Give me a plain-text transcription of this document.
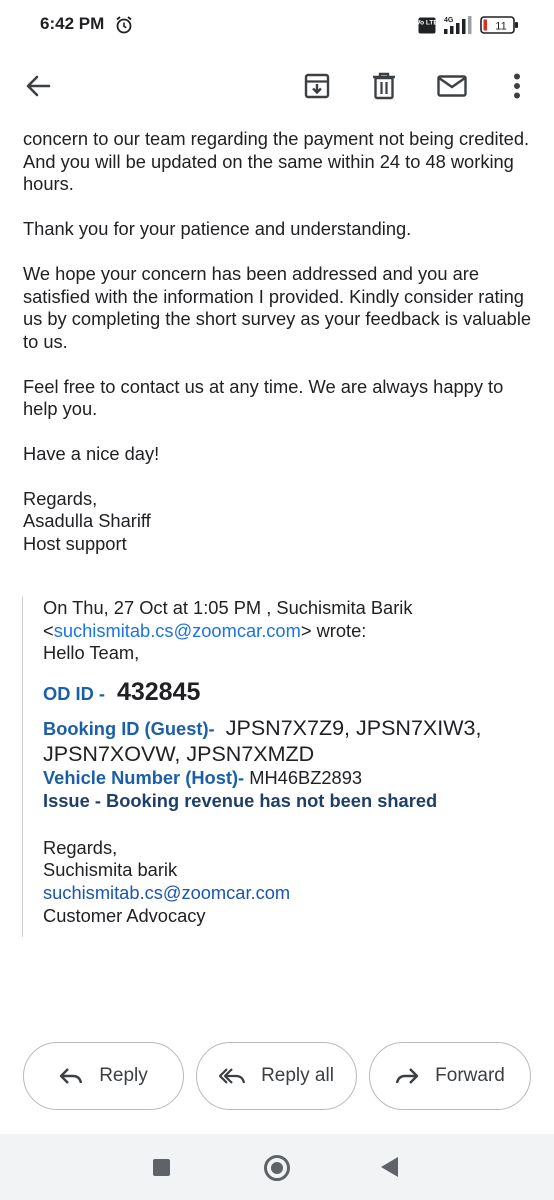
6:42 PM	Vo LTE 4G	11

concern to our team regarding the payment not being credited. And you will be updated on the same within 24 to 48 working hours.

Thank you for your patience and understanding.

We hope your concern has been addressed and you are satisfied with the information I provided. Kindly consider rating us by completing the short survey as your feedback is valuable to us.

Feel free to contact us at any time. We are always happy to help you.

Have a nice day!

Regards,

Asadulla Shariff

Host support

On Thu, 27 Oct at 1:05 PM , Suchismita Barik
<suchismitab.cs@zoomcar.com> wrote:
Hello Team,
OD ID - 432845
Booking ID (Guest)- JPSN7X7Z9, JPSN7XIW3,
JPSN7XOVW, JPSN7XMZD
Vehicle Number (Host)- MH46BZ2893
Issue - Booking revenue has not been shared
Regards,
Suchismita barik
suchismitab.cs@zoomcar.com
Customer Advocacy
Reply	Reply all	Forward
